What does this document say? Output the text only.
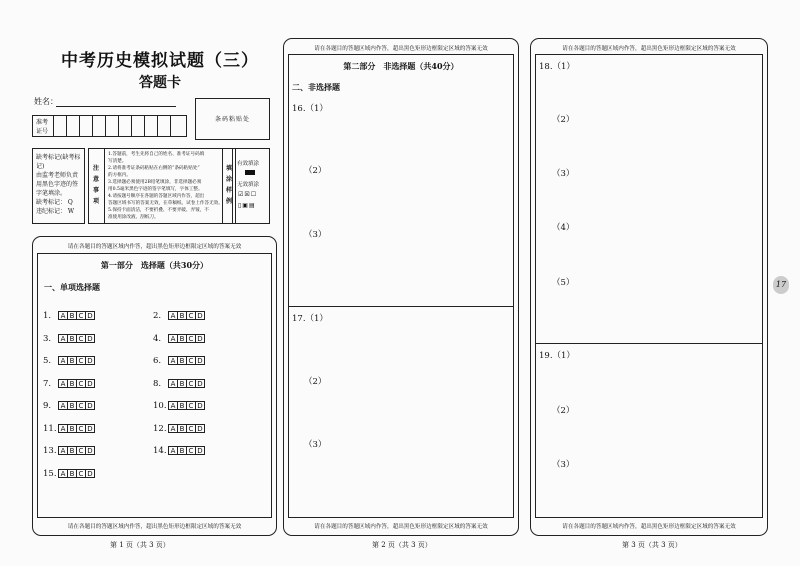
中考历史模拟试题（三）
答题卡
姓名：
准考
证号
条码粘贴处
缺考标记(缺考标记)
由监考老师负责
用黑色字迹的签
字笔填涂。
缺考标记： Q
违纪标记： W
注
意
事
项
1.答题前，考生先将自己的姓名、准考证号码填
写清楚。
2.请将准考证条码粘贴在右侧的“条码粘贴处”
的方框内。
3.选择题必须使用2B铅笔填涂，非选择题必须
用0.5毫米黑色字迹的签字笔填写，字体工整。
4.请按题号顺序在各题的答题区域内作答，超出
答题区域书写的答案无效，在草稿纸、试卷上作答无效。
5.保持卡面清洁，不要折叠、不要弄破、弄皱，不
准使用涂改液、刮纸刀。
填
涂
样
例
有效填涂
无效填涂
☑☒☐
▯▣▤
请在各题目的答题区域内作答，超出黑色矩形边框限定区域的答案无效
第一部分　选择题（共30分）
一、单项选择题
1. A B C D
3. A B C D
5. A B C D
7. A B C D
9. A B C D
11. A B C D
13. A B C D
15. A B C D
2. A B C D
4. A B C D
6. A B C D
8. A B C D
10. A B C D
12. A B C D
14. A B C D
请在各题目的答题区域内作答，超出黑色矩形边框限定区域的答案无效
第 1 页（共 3 页）
请在各题目的答题区域内作答，超出黑色矩形边框限定区域的答案无效
第二部分　非选择题（共40分）
二、非选择题
16.（1）
（2）
（3）
17.（1）
（2）
（3）
请在各题目的答题区域内作答，超出黑色矩形边框限定区域的答案无效
第 2 页（共 3 页）
请在各题目的答题区域内作答，超出黑色矩形边框限定区域的答案无效
18.（1）
（2）
（3）
（4）
（5）
19.（1）
（2）
（3）
请在各题目的答题区域内作答，超出黑色矩形边框限定区域的答案无效
第 3 页（共 3 页）
17
